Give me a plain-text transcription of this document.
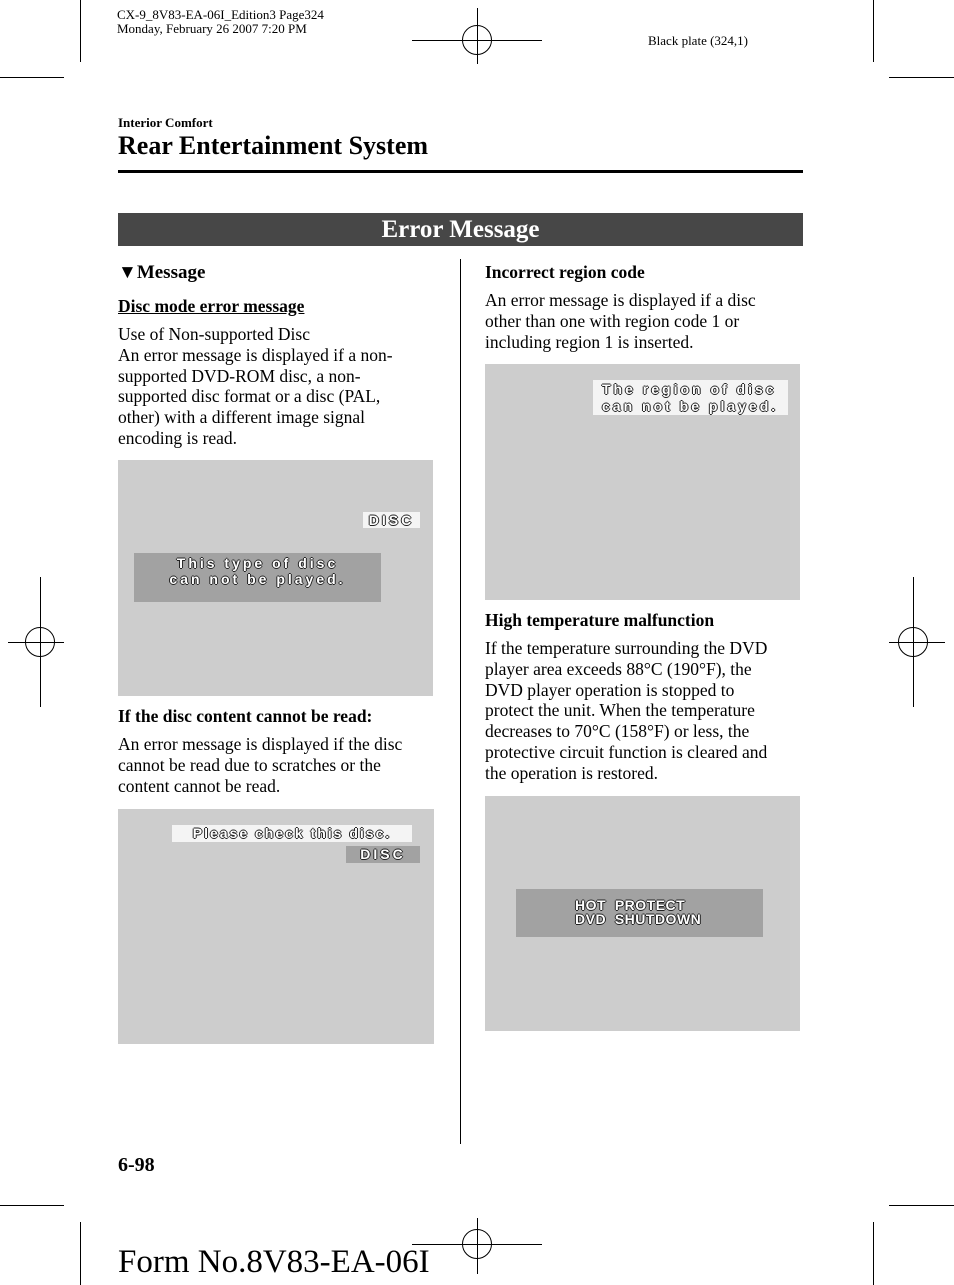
CX-9_8V83-EA-06I_Edition3 Page324
Monday, February 26 2007 7:20 PM
Black plate (324,1)
Interior Comfort
Rear Entertainment System
Error Message
▼Message
Disc mode error message
Use of Non-supported Disc
An error message is displayed if a non-
supported DVD-ROM disc, a non-
supported disc format or a disc (PAL,
other) with a different image signal
encoding is read.
DISC
This type of disc
can not be played.
If the disc content cannot be read:
An error message is displayed if the disc
cannot be read due to scratches or the
content cannot be read.
Please check this disc.
DISC
Incorrect region code
An error message is displayed if a disc
other than one with region code 1 or
including region 1 is inserted.
The region of disc
can not be played.
High temperature malfunction
If the temperature surrounding the DVD
player area exceeds 88°C (190°F), the
DVD player operation is stopped to
protect the unit. When the temperature
decreases to 70°C (158°F) or less, the
protective circuit function is cleared and
the operation is restored.
HOT  PROTECT
DVD  SHUTDOWN
6-98
Form No.8V83-EA-06I
